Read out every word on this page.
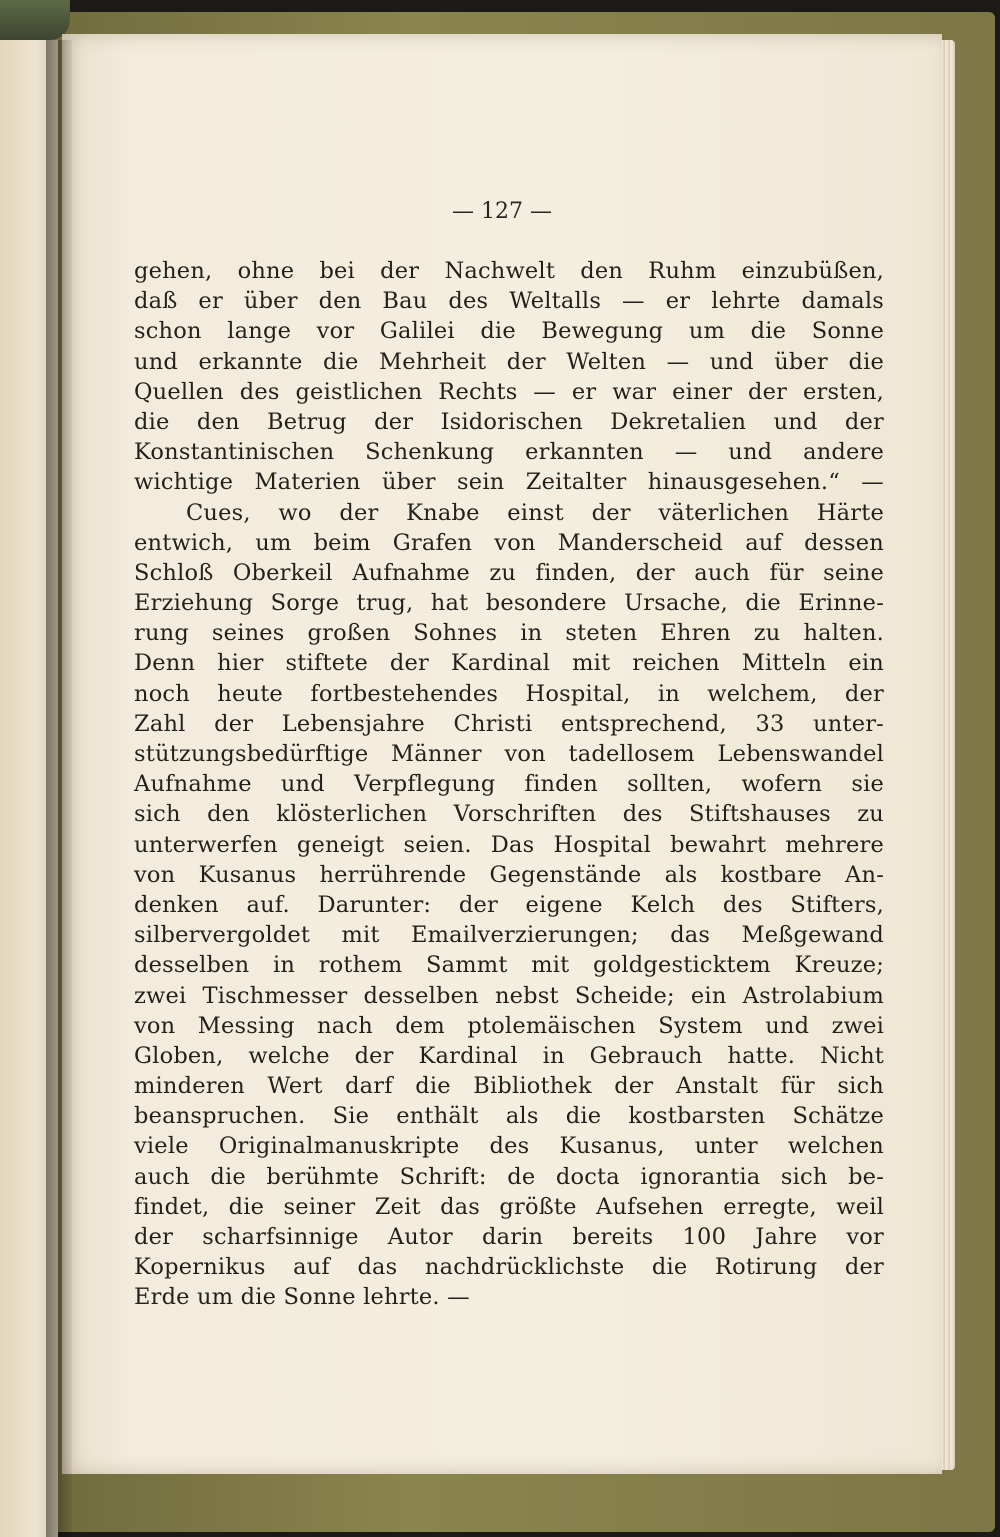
— 127 —
gehen, ohne bei der Nachwelt den Ruhm einzubüßen,
daß er über den Bau des Weltalls — er lehrte damals
schon lange vor Galilei die Bewegung um die Sonne
und erkannte die Mehrheit der Welten — und über die
Quellen des geistlichen Rechts — er war einer der ersten,
die den Betrug der Isidorischen Dekretalien und der
Konstantinischen Schenkung erkannten — und andere
wichtige Materien über sein Zeitalter hinausgesehen.“ —
Cues, wo der Knabe einst der väterlichen Härte
entwich, um beim Grafen von Manderscheid auf dessen
Schloß Oberkeil Aufnahme zu finden, der auch für seine
Erziehung Sorge trug, hat besondere Ursache, die Erinne-
rung seines großen Sohnes in steten Ehren zu halten.
Denn hier stiftete der Kardinal mit reichen Mitteln ein
noch heute fortbestehendes Hospital, in welchem, der
Zahl der Lebensjahre Christi entsprechend, 33 unter-
stützungsbedürftige Männer von tadellosem Lebenswandel
Aufnahme und Verpflegung finden sollten, wofern sie
sich den klösterlichen Vorschriften des Stiftshauses zu
unterwerfen geneigt seien. Das Hospital bewahrt mehrere
von Kusanus herrührende Gegenstände als kostbare An-
denken auf. Darunter: der eigene Kelch des Stifters,
silbervergoldet mit Emailverzierungen; das Meßgewand
desselben in rothem Sammt mit goldgesticktem Kreuze;
zwei Tischmesser desselben nebst Scheide; ein Astrolabium
von Messing nach dem ptolemäischen System und zwei
Globen, welche der Kardinal in Gebrauch hatte. Nicht
minderen Wert darf die Bibliothek der Anstalt für sich
beanspruchen. Sie enthält als die kostbarsten Schätze
viele Originalmanuskripte des Kusanus, unter welchen
auch die berühmte Schrift: de docta ignorantia sich be-
findet, die seiner Zeit das größte Aufsehen erregte, weil
der scharfsinnige Autor darin bereits 100 Jahre vor
Kopernikus auf das nachdrücklichste die Rotirung der
Erde um die Sonne lehrte. —
